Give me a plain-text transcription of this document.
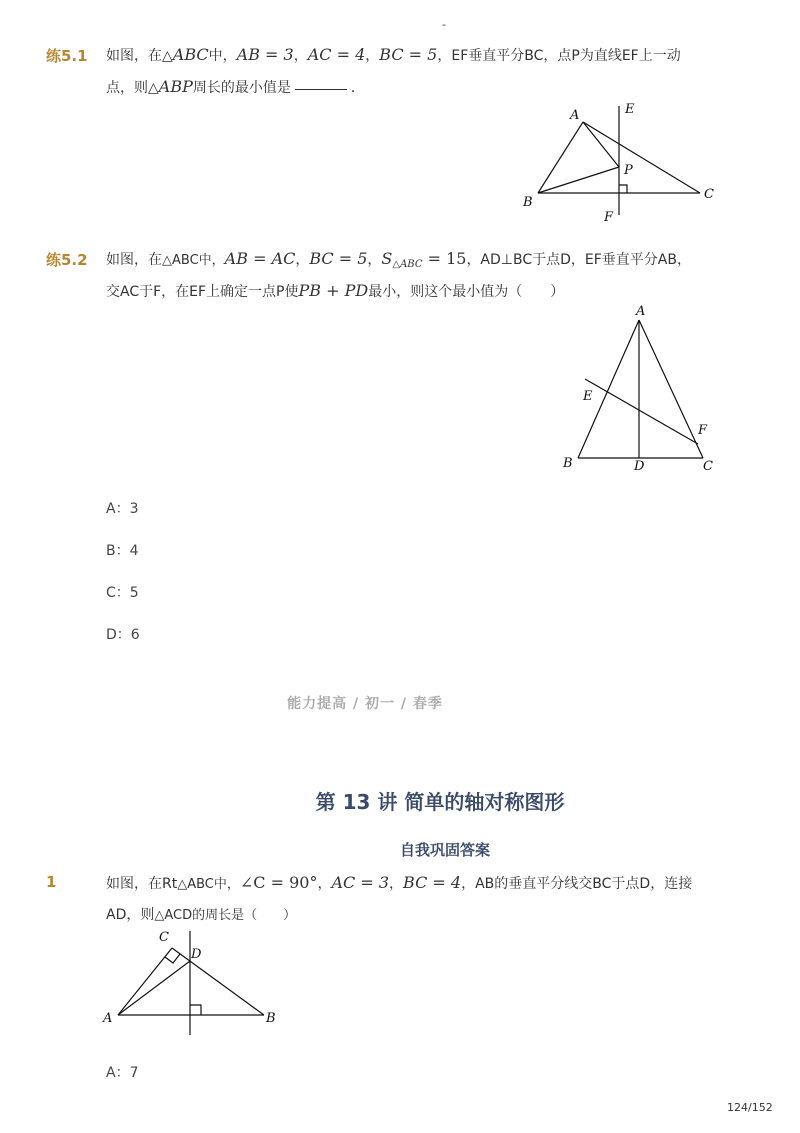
-
练5.1 如图，在△ABC中，AB = 3，AC = 4，BC = 5，EF垂直平分BC，点P为直线EF上一动
点，则△ABP周长的最小值是	．
A	E
P
B
C
F
练5.2 如图，在△ABC中，AB = AC，BC = 5，$S_{\triangle ABC} = 15$，AD⊥BC于点D，EF垂直平分AB，
交AC于F，在EF上确定一点P使PB + PD最小，则这个最小值为（　　）
A
E
F
B	D	C
A：3
B：4
C：5
D：6
能力提高 / 初一 / 春季
第 13 讲 简单的轴对称图形
自我巩固答案
1	如图，在Rt△ABC中，∠C = 90°，AC = 3，BC = 4，AB的垂直平分线交BC于点D，连接
AD，则△ACD的周长是（　　）
C
D
A	B
A：7
124/152
